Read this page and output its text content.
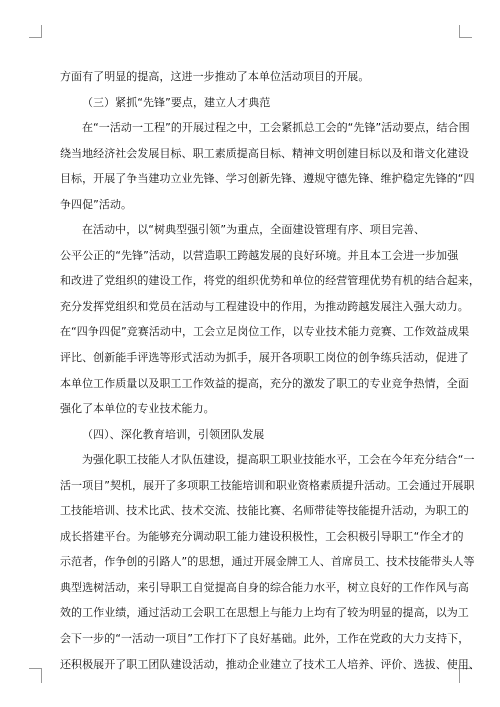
方面有了明显的提高，这进一步推动了本单位活动项目的开展。
（三）紧抓“先锋”要点，建立人才典范
在“一活动一工程”的开展过程之中，工会紧抓总工会的“先锋”活动要点，结合围
绕当地经济社会发展目标、职工素质提高目标、精神文明创建目标以及和谐文化建设
目标，开展了争当建功立业先锋、学习创新先锋、遵规守德先锋、维护稳定先锋的“四
争四促”活动。
在活动中，以“树典型强引领”为重点，全面建设管理有序、项目完善、
公平公正的“先锋”活动，以营造职工跨越发展的良好环境。并且本工会进一步加强
和改进了党组织的建设工作，将党的组织优势和单位的经营管理优势有机的结合起来，
充分发挥党组织和党员在活动与工程建设中的作用，为推动跨越发展注入强大动力。
在“四争四促”竞赛活动中，工会立足岗位工作，以专业技术能力竞赛、工作效益成果
评比、创新能手评选等形式活动为抓手，展开各项职工岗位的创争练兵活动，促进了
本单位工作质量以及职工工作效益的提高，充分的激发了职工的专业竞争热情，全面
强化了本单位的专业技术能力。
（四）、深化教育培训，引领团队发展
为强化职工技能人才队伍建设，提高职工职业技能水平，工会在今年充分结合“一
活一项目”契机，展开了多项职工技能培训和职业资格素质提升活动。工会通过开展职
工技能培训、技术比武、技术交流、技能比赛、名师带徒等技能提升活动，为职工的
成长搭建平台。为能够充分调动职工能力建设积极性，工会积极引导职工“作全才的
示范者，作争创的引路人”的思想，通过开展金牌工人、首席员工、技术技能带头人等
典型选树活动，来引导职工自觉提高自身的综合能力水平，树立良好的工作作风与高
效的工作业绩，通过活动工会职工在思想上与能力上均有了较为明显的提高，以为工
会下一步的“一活动一项目”工作打下了良好基础。此外，工作在党政的大力支持下，
还积极展开了职工团队建设活动，推动企业建立了技术工人培养、评价、选拔、使用、
